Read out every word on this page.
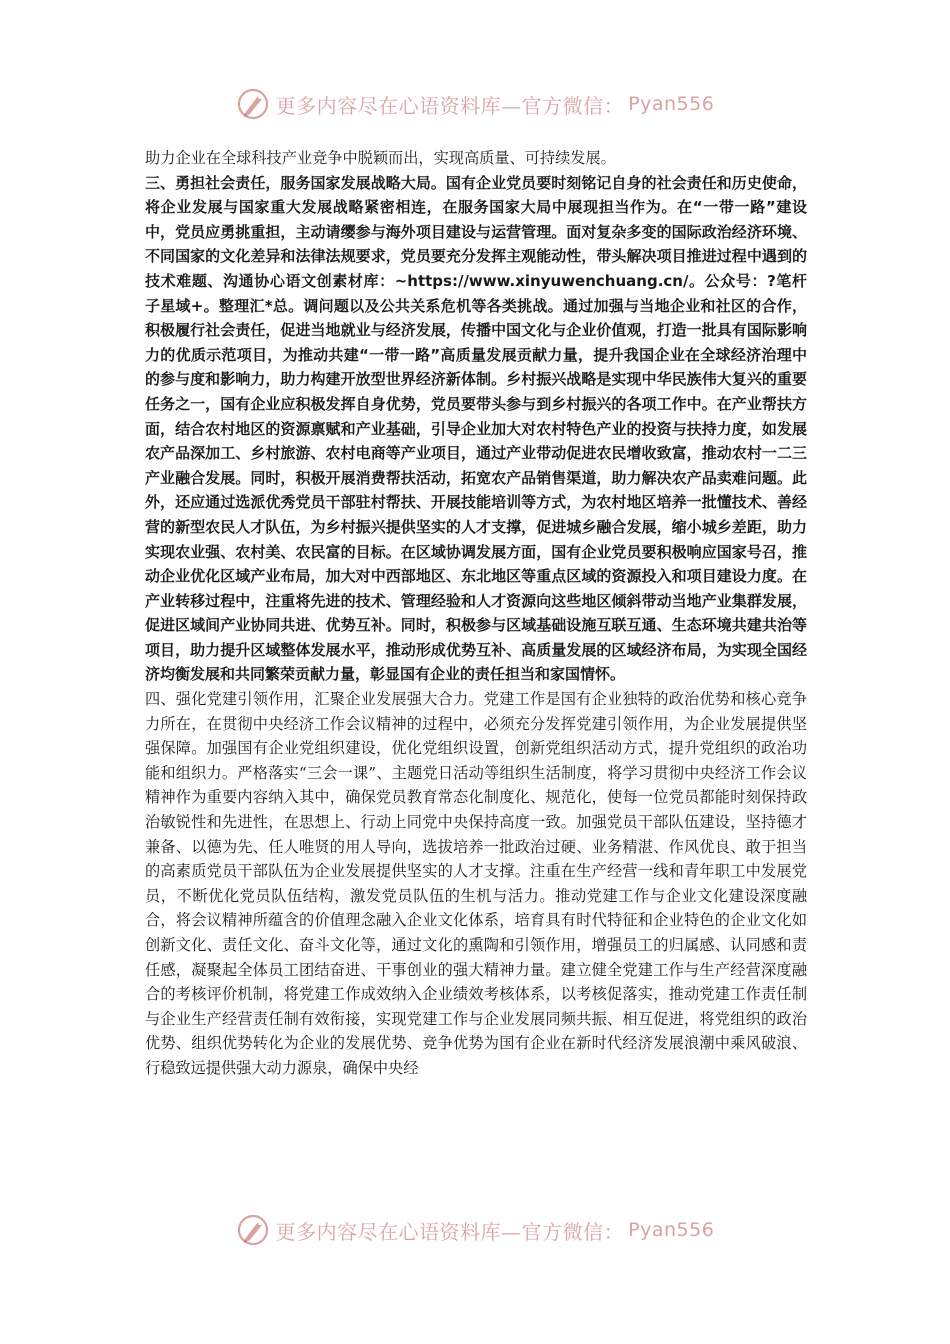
更多内容尽在心语资料库—官方微信： Pyan556

助力企业在全球科技产业竞争中脱颖而出，实现高质量、可持续发展。

三、勇担社会责任，服务国家发展战略大局。国有企业党员要时刻铭记自身的社会责任和历史使命，将企业发展与国家重大发展战略紧密相连，在服务国家大局中展现担当作为。在“一带一路”建设中，党员应勇挑重担，主动请缨参与海外项目建设与运营管理。面对复杂多变的国际政治经济环境、不同国家的文化差异和法律法规要求，党员要充分发挥主观能动性，带头解决项目推进过程中遇到的技术难题、沟通协心语文创素材库：~https://www.xinyuwenchuang.cn/。公众号：?笔杆子星域+。整理汇*总。调问题以及公共关系危机等各类挑战。通过加强与当地企业和社区的合作，积极履行社会责任，促进当地就业与经济发展，传播中国文化与企业价值观，打造一批具有国际影响力的优质示范项目，为推动共建“一带一路”高质量发展贡献力量，提升我国企业在全球经济治理中的参与度和影响力，助力构建开放型世界经济新体制。乡村振兴战略是实现中华民族伟大复兴的重要任务之一，国有企业应积极发挥自身优势，党员要带头参与到乡村振兴的各项工作中。在产业帮扶方面，结合农村地区的资源禀赋和产业基础，引导企业加大对农村特色产业的投资与扶持力度，如发展农产品深加工、乡村旅游、农村电商等产业项目，通过产业带动促进农民增收致富，推动农村一二三产业融合发展。同时，积极开展消费帮扶活动，拓宽农产品销售渠道，助力解决农产品卖难问题。此外，还应通过选派优秀党员干部驻村帮扶、开展技能培训等方式，为农村地区培养一批懂技术、善经营的新型农民人才队伍，为乡村振兴提供坚实的人才支撑，促进城乡融合发展，缩小城乡差距，助力实现农业强、农村美、农民富的目标。在区域协调发展方面，国有企业党员要积极响应国家号召，推动企业优化区域产业布局，加大对中西部地区、东北地区等重点区域的资源投入和项目建设力度。在产业转移过程中，注重将先进的技术、管理经验和人才资源向这些地区倾斜带动当地产业集群发展，促进区域间产业协同共进、优势互补。同时，积极参与区域基础设施互联互通、生态环境共建共治等项目，助力提升区域整体发展水平，推动形成优势互补、高质量发展的区域经济布局，为实现全国经济均衡发展和共同繁荣贡献力量，彰显国有企业的责任担当和家国情怀。

四、强化党建引领作用，汇聚企业发展强大合力。党建工作是国有企业独特的政治优势和核心竞争力所在，在贯彻中央经济工作会议精神的过程中，必须充分发挥党建引领作用，为企业发展提供坚强保障。加强国有企业党组织建设，优化党组织设置，创新党组织活动方式，提升党组织的政治功能和组织力。严格落实“三会一课”、主题党日活动等组织生活制度，将学习贯彻中央经济工作会议精神作为重要内容纳入其中，确保党员教育常态化制度化、规范化，使每一位党员都能时刻保持政治敏锐性和先进性，在思想上、行动上同党中央保持高度一致。加强党员干部队伍建设，坚持德才兼备、以德为先、任人唯贤的用人导向，选拔培养一批政治过硬、业务精湛、作风优良、敢于担当的高素质党员干部队伍为企业发展提供坚实的人才支撑。注重在生产经营一线和青年职工中发展党员，不断优化党员队伍结构，激发党员队伍的生机与活力。推动党建工作与企业文化建设深度融合，将会议精神所蕴含的价值理念融入企业文化体系，培育具有时代特征和企业特色的企业文化如创新文化、责任文化、奋斗文化等，通过文化的熏陶和引领作用，增强员工的归属感、认同感和责任感，凝聚起全体员工团结奋进、干事创业的强大精神力量。建立健全党建工作与生产经营深度融合的考核评价机制，将党建工作成效纳入企业绩效考核体系，以考核促落实，推动党建工作责任制与企业生产经营责任制有效衔接，实现党建工作与企业发展同频共振、相互促进，将党组织的政治优势、组织优势转化为企业的发展优势、竞争优势为国有企业在新时代经济发展浪潮中乘风破浪、行稳致远提供强大动力源泉，确保中央经

更多内容尽在心语资料库—官方微信： Pyan556
